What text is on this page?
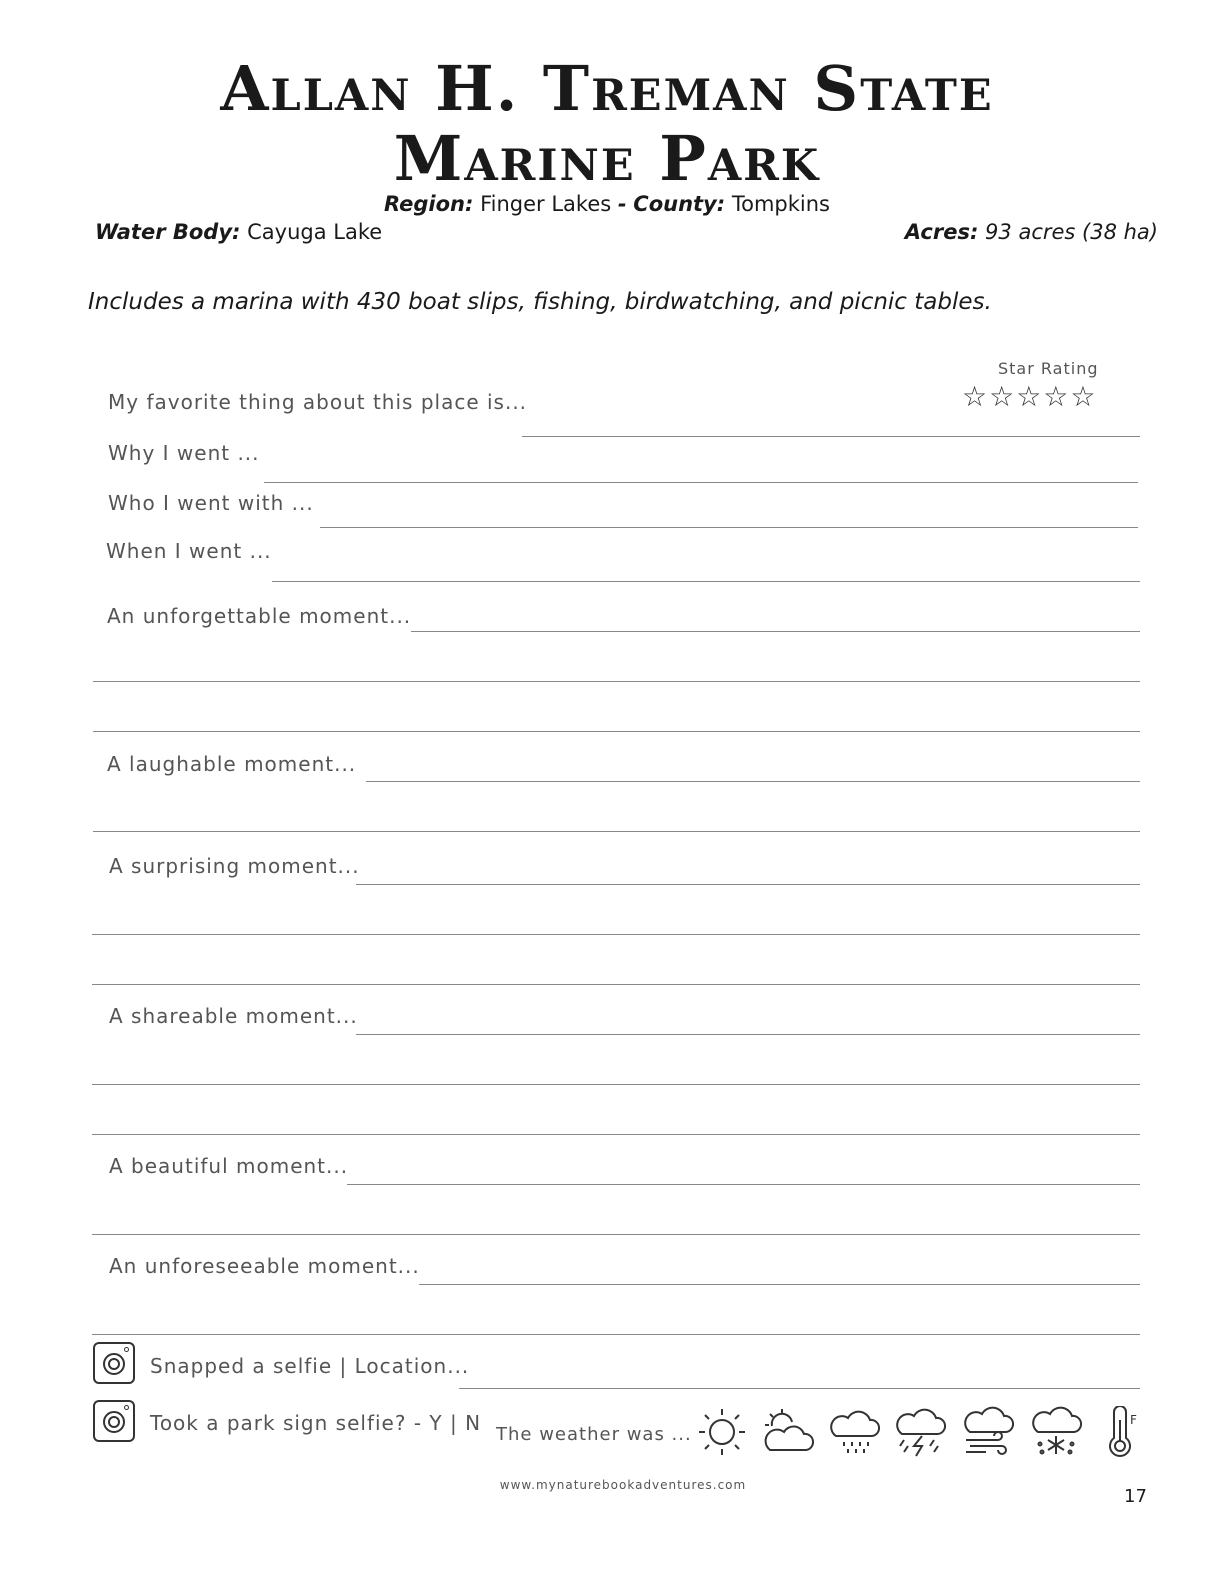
Allan H. Treman State
Marine Park
Region: Finger Lakes - County: Tompkins
Water Body: Cayuga Lake	Acres: 93 acres (38 ha)
Includes a marina with 430 boat slips, fishing, birdwatching, and picnic tables.
Star Rating
☆☆☆☆☆
My favorite thing about this place is...
Why I went ...
Who I went with ...
When I went ...
An unforgettable moment...
A laughable moment...
A surprising moment...
A shareable moment...
A beautiful moment...
An unforeseeable moment...
Snapped a selfie | Location...
Took a park sign selfie? - Y | N The weather was ...
F
www.mynaturebookadventures.com
17
